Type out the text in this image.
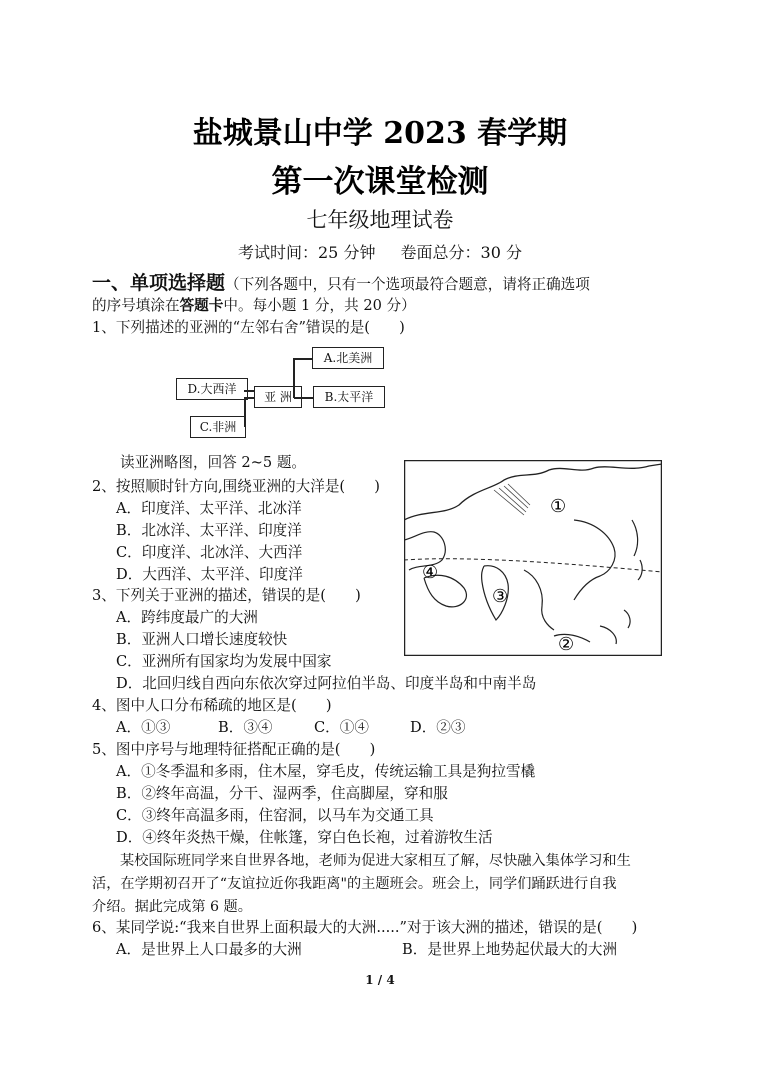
盐城景山中学 2023 春学期
第一次课堂检测
七年级地理试卷
考试时间：25 分钟 卷面总分：30 分
一、单项选择题（下列各题中，只有一个选项最符合题意，请将正确选项
的序号填涂在答题卡中。每小题 1 分，共 20 分）
1、下列描述的亚洲的“左邻右舍”错误的是(　　)
A.北美洲
D.大西洋
亚 洲	B.太平洋
C.非洲
读亚洲略图，回答 2~5 题。
2、按照顺时针方向,围绕亚洲的大洋是(　　)
A．印度洋、太平洋、北冰洋
B．北冰洋、太平洋、印度洋
C．印度洋、北冰洋、大西洋
D．大西洋、太平洋、印度洋
①
②
③
④
3、下列关于亚洲的描述，错误的是(　　)
A．跨纬度最广的大洲
B．亚洲人口增长速度较快
C．亚洲所有国家均为发展中国家
D．北回归线自西向东依次穿过阿拉伯半岛、印度半岛和中南半岛
4、图中人口分布稀疏的地区是(　　)
A．①③	B．③④	C．①④	D．②③
5、图中序号与地理特征搭配正确的是(　　)
A．①冬季温和多雨，住木屋，穿毛皮，传统运输工具是狗拉雪橇
B．②终年高温，分干、湿两季，住高脚屋，穿和服
C．③终年高温多雨，住窑洞，以马车为交通工具
D．④终年炎热干燥，住帐篷，穿白色长袍，过着游牧生活
某校国际班同学来自世界各地，老师为促进大家相互了解，尽快融入集体学习和生
活，在学期初召开了“友谊拉近你我距离"的主题班会。班会上，同学们踊跃进行自我
介绍。据此完成第 6 题。
6、某同学说:“我来自世界上面积最大的大洲.....”对于该大洲的描述，错误的是(　　)
A．是世界上人口最多的大洲	B．是世界上地势起伏最大的大洲
1 / 4
